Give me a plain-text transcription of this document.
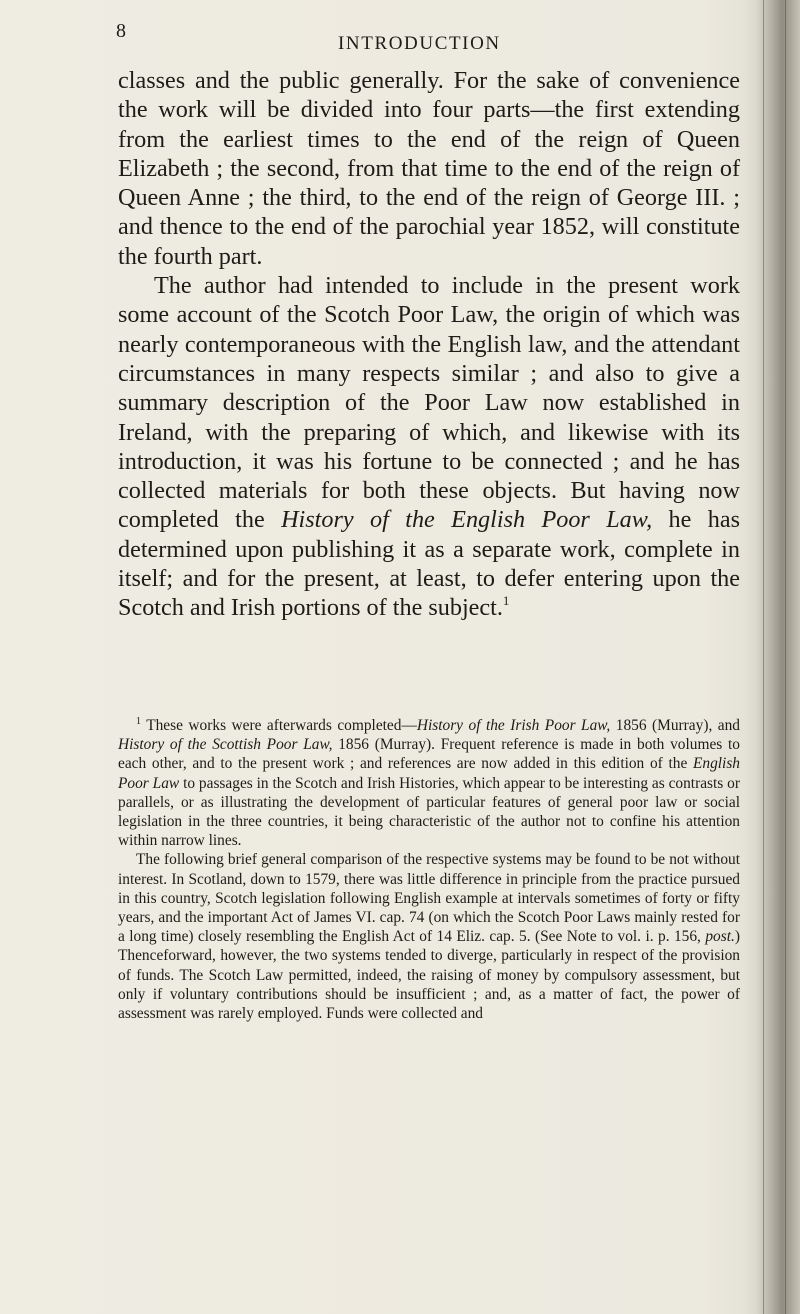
8
INTRODUCTION

classes and the public generally. For the sake of convenience the work will be divided into four parts—the first extending from the earliest times to the end of the reign of Queen Elizabeth ; the second, from that time to the end of the reign of Queen Anne ; the third, to the end of the reign of George III. ; and thence to the end of the parochial year 1852, will constitute the fourth part.

The author had intended to include in the present work some account of the Scotch Poor Law, the origin of which was nearly contemporaneous with the English law, and the attendant circumstances in many respects similar ; and also to give a summary description of the Poor Law now established in Ireland, with the preparing of which, and likewise with its introduction, it was his fortune to be connected ; and he has collected materials for both these objects. But having now completed the History of the English Poor Law, he has determined upon publishing it as a separate work, complete in itself; and for the present, at least, to defer entering upon the Scotch and Irish portions of the subject.$^1$

$^1$ These works were afterwards completed—History of the Irish Poor Law, 1856 (Murray), and History of the Scottish Poor Law, 1856 (Murray). Frequent reference is made in both volumes to each other, and to the present work ; and references are now added in this edition of the English Poor Law to passages in the Scotch and Irish Histories, which appear to be interesting as contrasts or parallels, or as illustrating the development of particular features of general poor law or social legislation in the three countries, it being characteristic of the author not to confine his attention within narrow lines.

The following brief general comparison of the respective systems may be found to be not without interest. In Scotland, down to 1579, there was little difference in principle from the practice pursued in this country, Scotch legislation following English example at intervals sometimes of forty or fifty years, and the important Act of James VI. cap. 74 (on which the Scotch Poor Laws mainly rested for a long time) closely resembling the English Act of 14 Eliz. cap. 5. (See Note to vol. i. p. 156, post.) Thenceforward, however, the two systems tended to diverge, particularly in respect of the provision of funds. The Scotch Law permitted, indeed, the raising of money by compulsory assessment, but only if voluntary contributions should be insufficient ; and, as a matter of fact, the power of assessment was rarely employed. Funds were collected and
